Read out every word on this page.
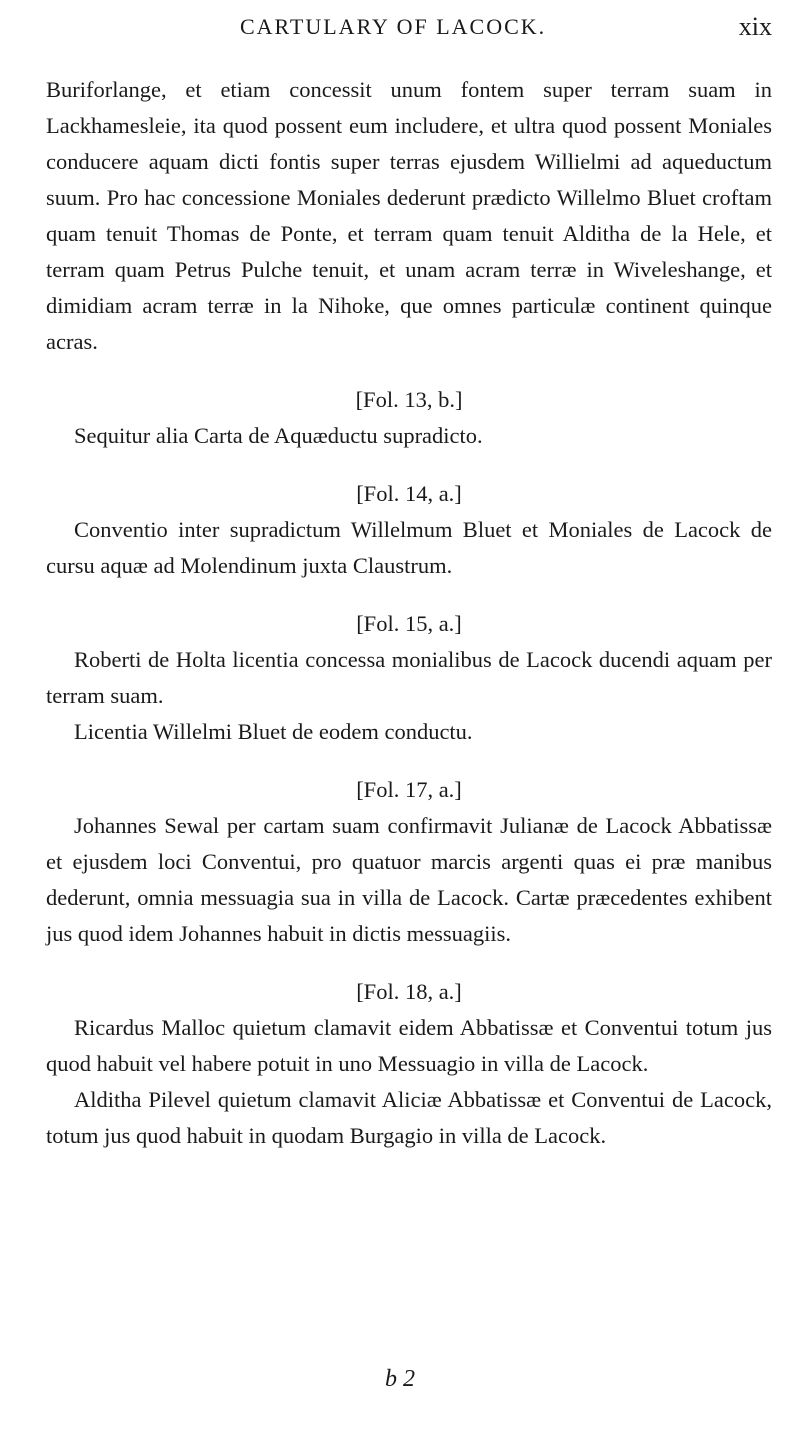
CARTULARY OF LACOCK.	xix

Buriforlange, et etiam concessit unum fontem super terram suam in Lackhamesleie, ita quod possent eum includere, et ultra quod possent Moniales conducere aquam dicti fontis super terras ejusdem Willielmi ad aqueductum suum. Pro hac concessione Moniales dederunt prædicto Willelmo Bluet croftam quam tenuit Thomas de Ponte, et terram quam tenuit Alditha de la Hele, et terram quam Petrus Pulche tenuit, et unam acram terræ in Wiveleshange, et dimidiam acram terræ in la Nihoke, que omnes particulæ continent quinque acras.

[Fol. 13, b.]

Sequitur alia Carta de Aquæductu supradicto.

[Fol. 14, a.]

Conventio inter supradictum Willelmum Bluet et Moniales de Lacock de cursu aquæ ad Molendinum juxta Claustrum.

[Fol. 15, a.]

Roberti de Holta licentia concessa monialibus de Lacock ducendi aquam per terram suam.

Licentia Willelmi Bluet de eodem conductu.

[Fol. 17, a.]

Johannes Sewal per cartam suam confirmavit Julianæ de Lacock Abbatissæ et ejusdem loci Conventui, pro quatuor marcis argenti quas ei præ manibus dederunt, omnia messuagia sua in villa de Lacock. Cartæ præcedentes exhibent jus quod idem Johannes habuit in dictis messuagiis.

[Fol. 18, a.]

Ricardus Malloc quietum clamavit eidem Abbatissæ et Conventui totum jus quod habuit vel habere potuit in uno Messuagio in villa de Lacock.

Alditha Pilevel quietum clamavit Aliciæ Abbatissæ et Conventui de Lacock, totum jus quod habuit in quodam Burgagio in villa de Lacock.

b 2
